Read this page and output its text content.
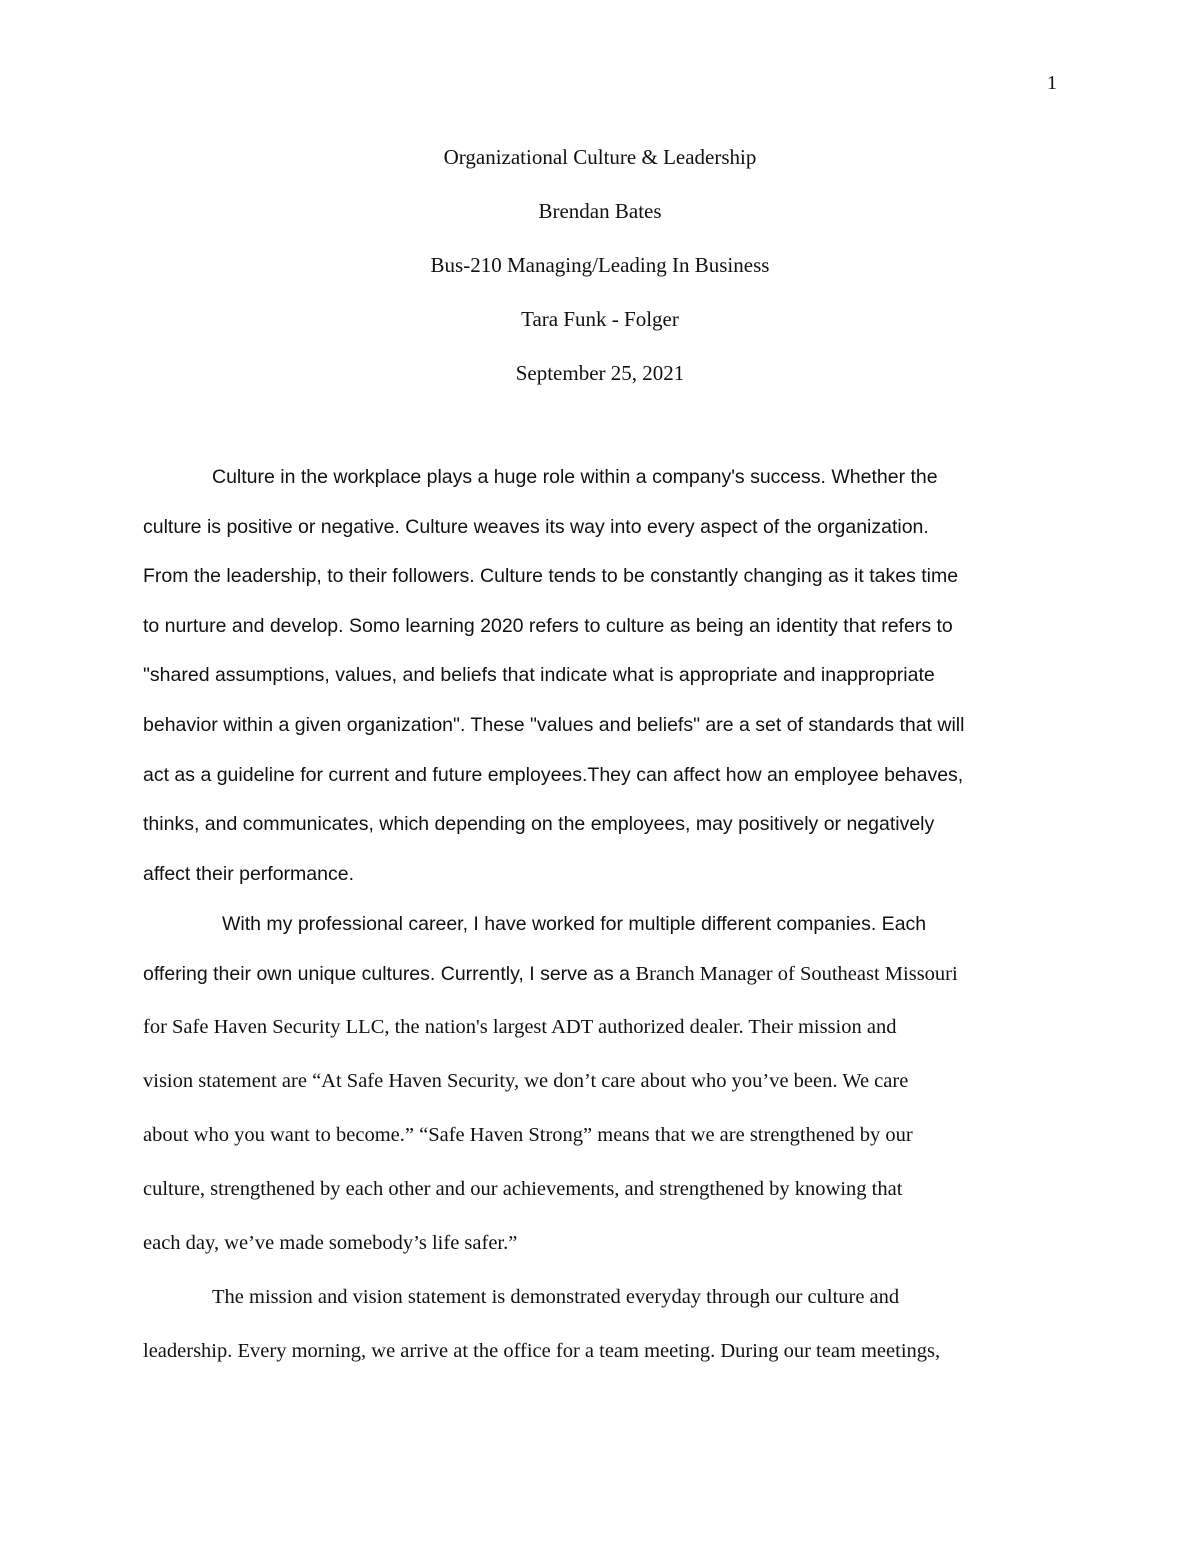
1
Organizational Culture & Leadership
Brendan Bates
Bus-210 Managing/Leading In Business
Tara Funk - Folger
September 25, 2021
Culture in the workplace plays a huge role within a company's success. Whether the
culture is positive or negative. Culture weaves its way into every aspect of the organization.
From the leadership, to their followers. Culture tends to be constantly changing as it takes time
to nurture and develop. Somo learning 2020 refers to culture as being an identity that refers to
"shared assumptions, values, and beliefs that indicate what is appropriate and inappropriate
behavior within a given organization". These "values and beliefs" are a set of standards that will
act as a guideline for current and future employees.They can affect how an employee behaves,
thinks, and communicates, which depending on the employees, may positively or negatively
affect their performance.
With my professional career, I have worked for multiple different companies. Each
offering their own unique cultures. Currently, I serve as a Branch Manager of Southeast Missouri
for Safe Haven Security LLC, the nation's largest ADT authorized dealer. Their mission and
vision statement are “At Safe Haven Security, we don’t care about who you’ve been. We care
about who you want to become.” “Safe Haven Strong” means that we are strengthened by our
culture, strengthened by each other and our achievements, and strengthened by knowing that
each day, we’ve made somebody’s life safer.”
The mission and vision statement is demonstrated everyday through our culture and
leadership. Every morning, we arrive at the office for a team meeting. During our team meetings,
